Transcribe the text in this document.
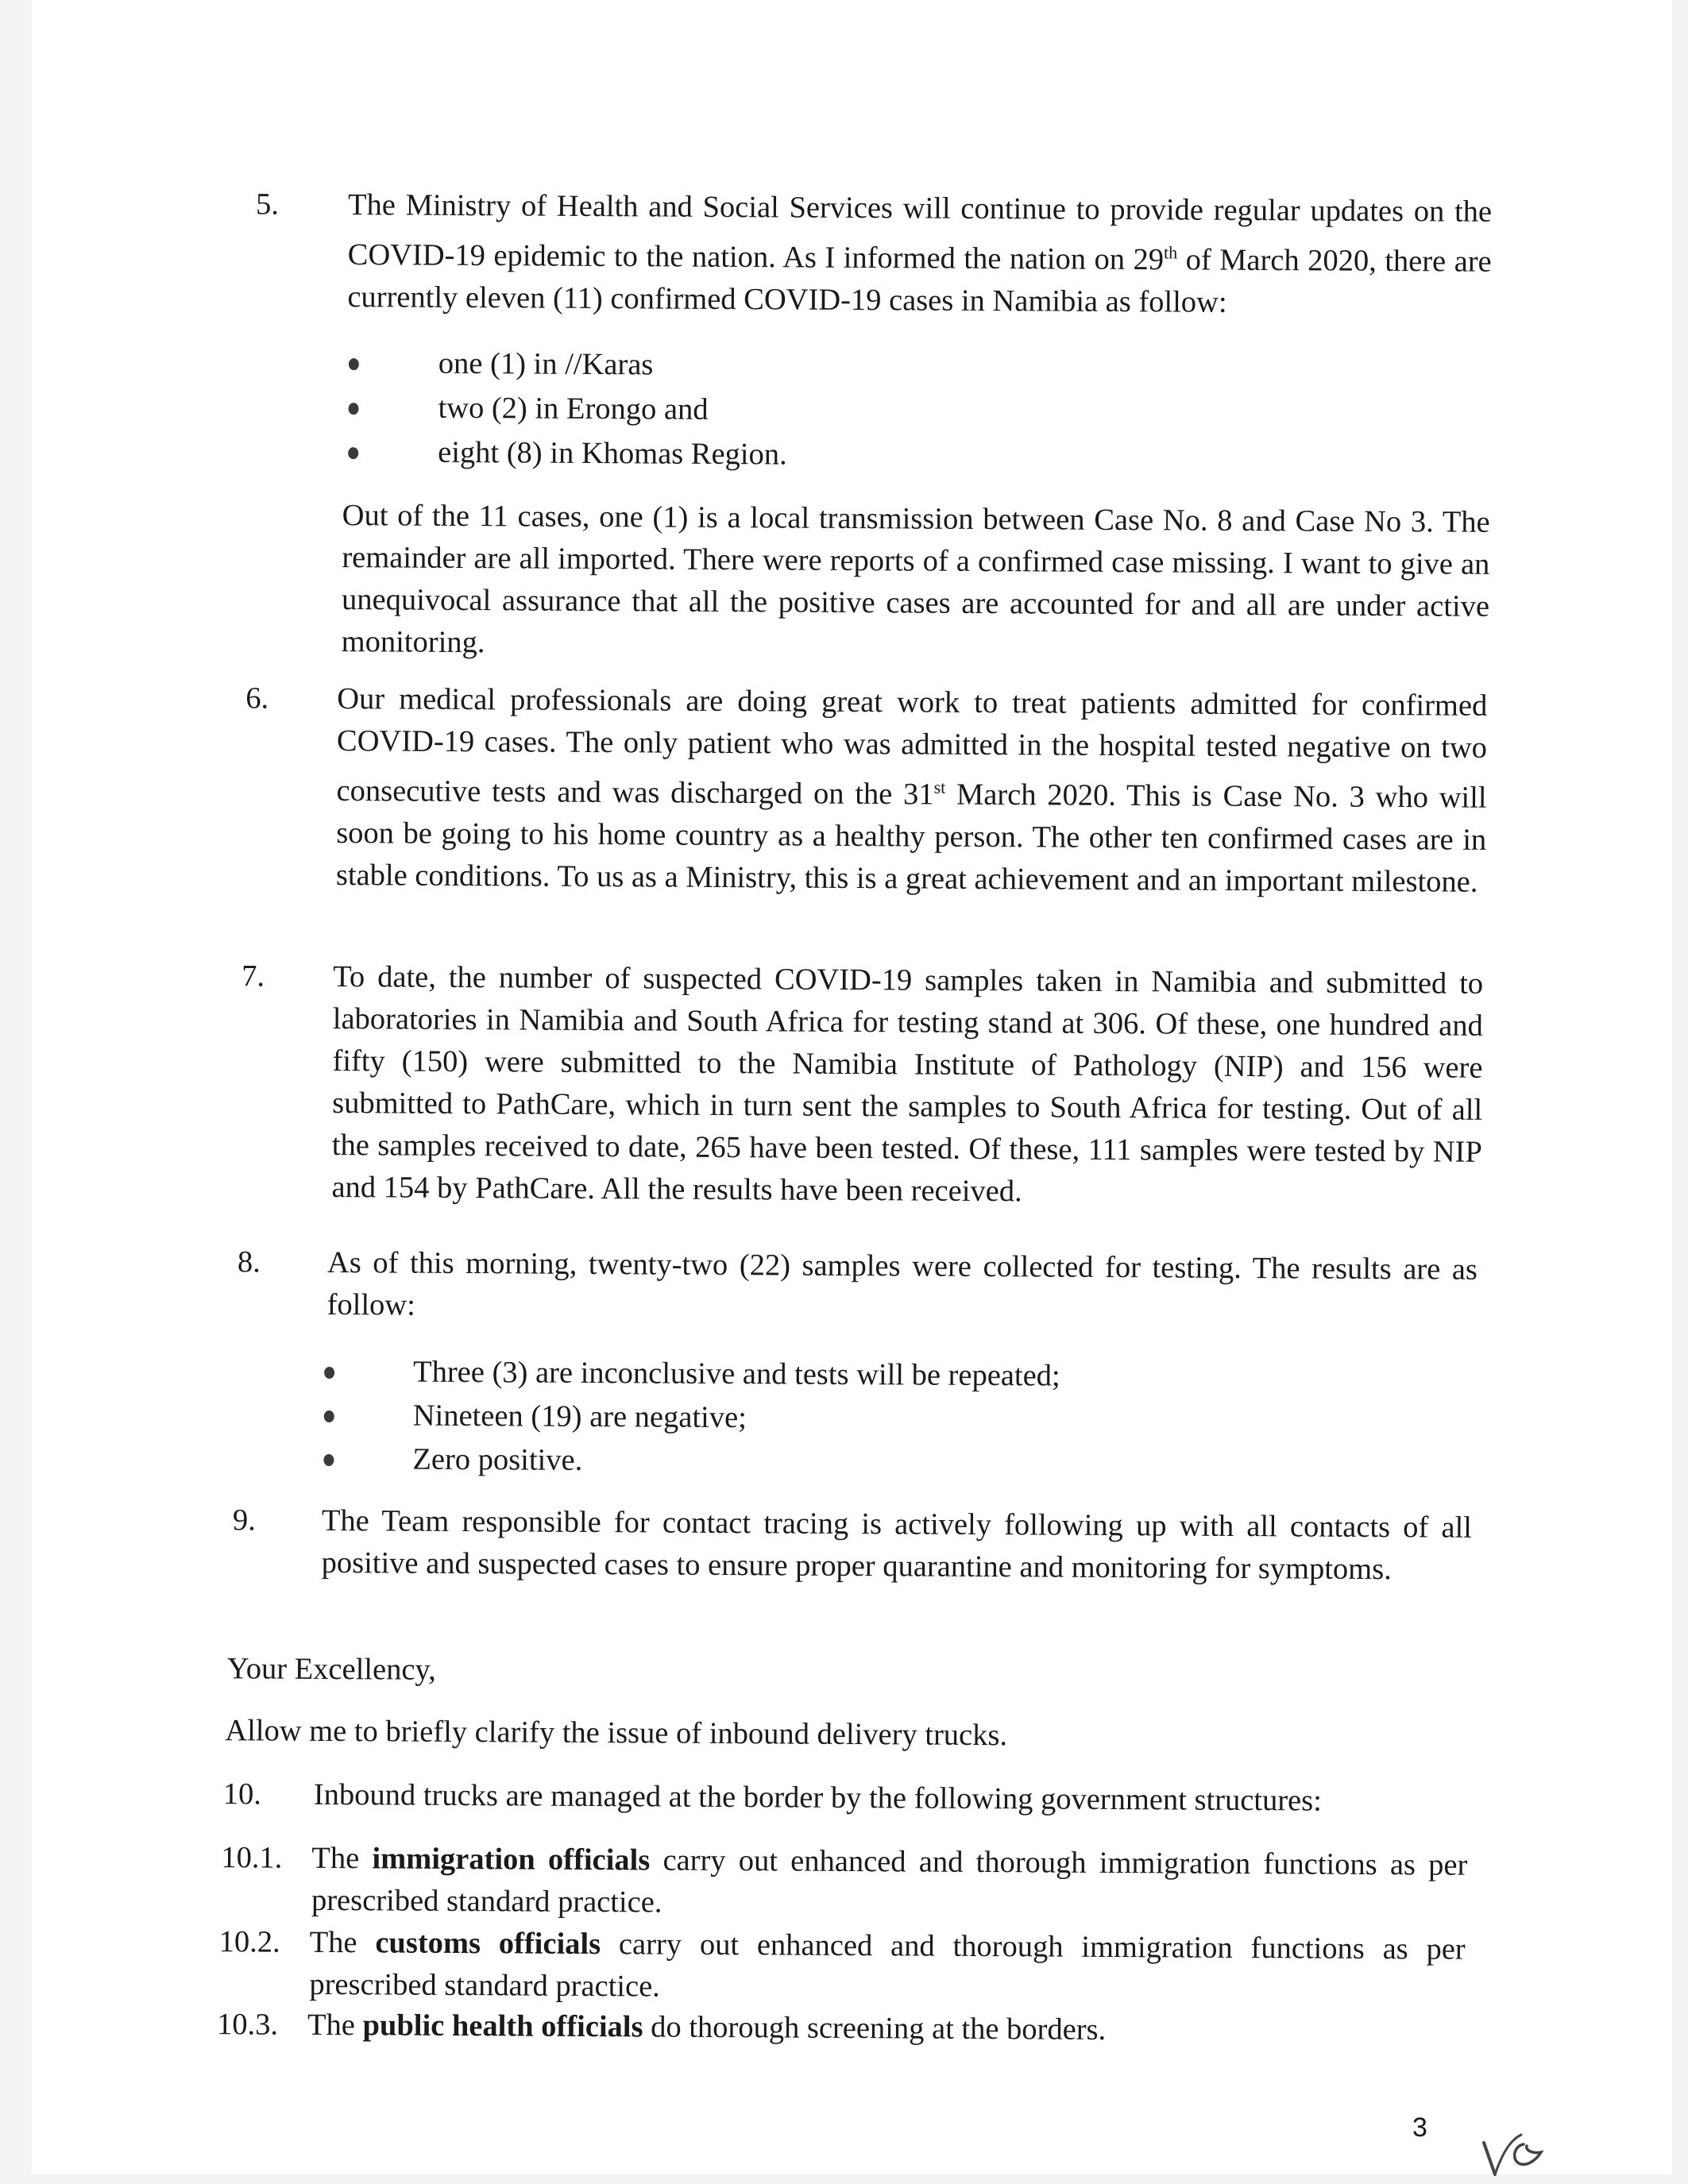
5. The Ministry of Health and Social Services will continue to provide regular updates on the COVID-19 epidemic to the nation. As I informed the nation on 29th of March 2020, there are currently eleven (11) confirmed COVID-19 cases in Namibia as follow:
one (1) in //Karas
two (2) in Erongo and
eight (8) in Khomas Region.
Out of the 11 cases, one (1) is a local transmission between Case No. 8 and Case No 3. The remainder are all imported. There were reports of a confirmed case missing. I want to give an unequivocal assurance that all the positive cases are accounted for and all are under active monitoring.
6. Our medical professionals are doing great work to treat patients admitted for confirmed COVID-19 cases. The only patient who was admitted in the hospital tested negative on two consecutive tests and was discharged on the 31st March 2020. This is Case No. 3 who will soon be going to his home country as a healthy person. The other ten confirmed cases are in stable conditions. To us as a Ministry, this is a great achievement and an important milestone.
7. To date, the number of suspected COVID-19 samples taken in Namibia and submitted to laboratories in Namibia and South Africa for testing stand at 306. Of these, one hundred and fifty (150) were submitted to the Namibia Institute of Pathology (NIP) and 156 were submitted to PathCare, which in turn sent the samples to South Africa for testing. Out of all the samples received to date, 265 have been tested. Of these, 111 samples were tested by NIP and 154 by PathCare. All the results have been received.
8. As of this morning, twenty-two (22) samples were collected for testing. The results are as follow:
Three (3) are inconclusive and tests will be repeated;
Nineteen (19) are negative;
Zero positive.
9. The Team responsible for contact tracing is actively following up with all contacts of all positive and suspected cases to ensure proper quarantine and monitoring for symptoms.
Your Excellency,
Allow me to briefly clarify the issue of inbound delivery trucks.
10. Inbound trucks are managed at the border by the following government structures:
10.1. The immigration officials carry out enhanced and thorough immigration functions as per prescribed standard practice.
10.2. The customs officials carry out enhanced and thorough immigration functions as per prescribed standard practice.
10.3. The public health officials do thorough screening at the borders.
3
